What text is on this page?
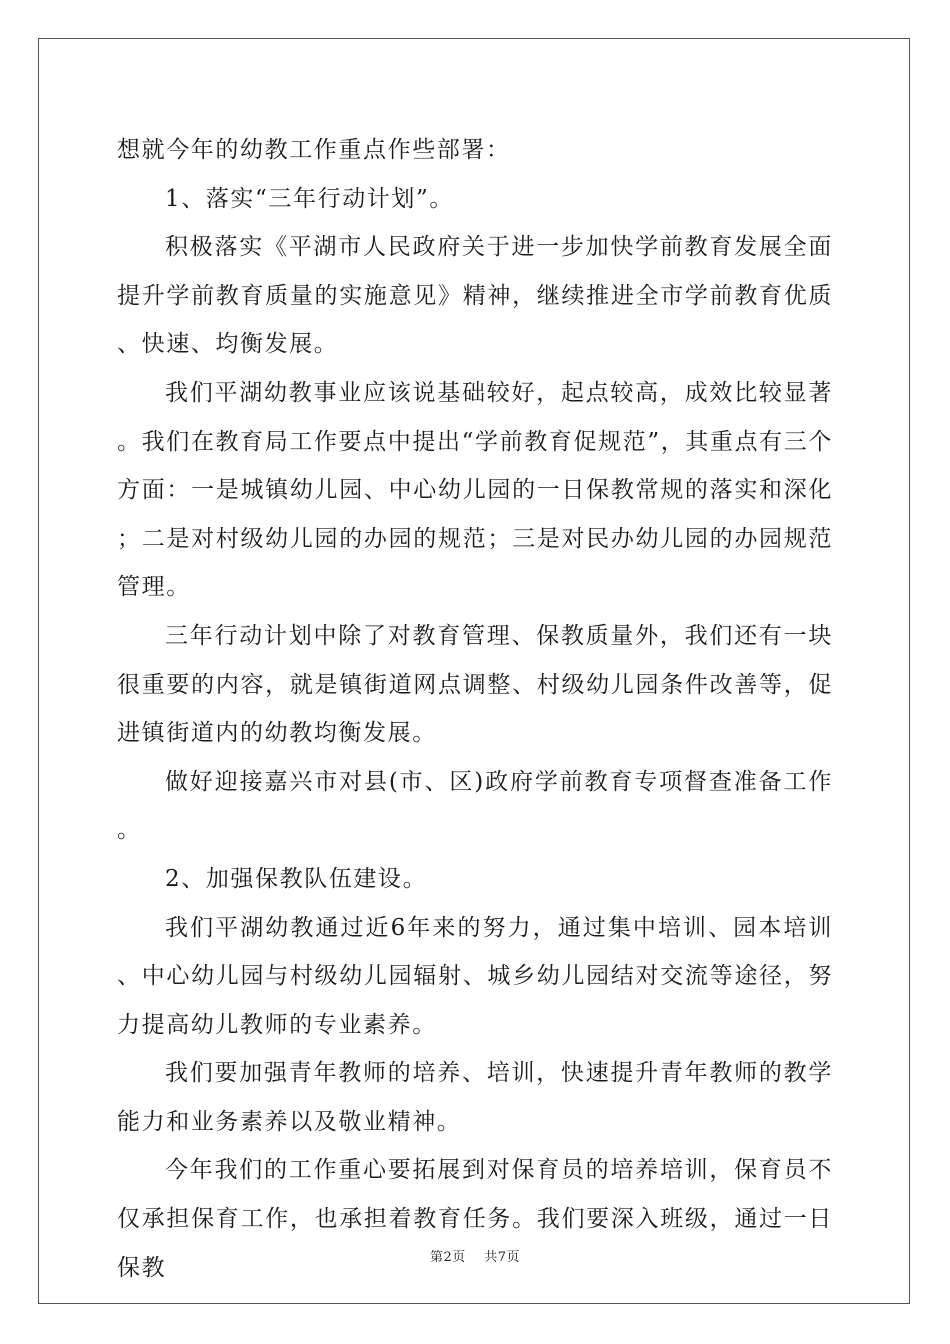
想就今年的幼教工作重点作些部署：

1、落实“三年行动计划”。

积极落实《平湖市人民政府关于进一步加快学前教育发展全面提升学前教育质量的实施意见》精神，继续推进全市学前教育优质、快速、均衡发展。

我们平湖幼教事业应该说基础较好，起点较高，成效比较显著。我们在教育局工作要点中提出“学前教育促规范”，其重点有三个方面：一是城镇幼儿园、中心幼儿园的一日保教常规的落实和深化；二是对村级幼儿园的办园的规范；三是对民办幼儿园的办园规范管理。

三年行动计划中除了对教育管理、保教质量外，我们还有一块很重要的内容，就是镇街道网点调整、村级幼儿园条件改善等，促进镇街道内的幼教均衡发展。

做好迎接嘉兴市对县(市、区)政府学前教育专项督查准备工作。

2、加强保教队伍建设。

我们平湖幼教通过近6年来的努力，通过集中培训、园本培训、中心幼儿园与村级幼儿园辐射、城乡幼儿园结对交流等途径，努力提高幼儿教师的专业素养。

我们要加强青年教师的培养、培训，快速提升青年教师的教学能力和业务素养以及敬业精神。

今年我们的工作重心要拓展到对保育员的培养培训，保育员不仅承担保育工作，也承担着教育任务。我们要深入班级，通过一日保教	第2页 共7页
